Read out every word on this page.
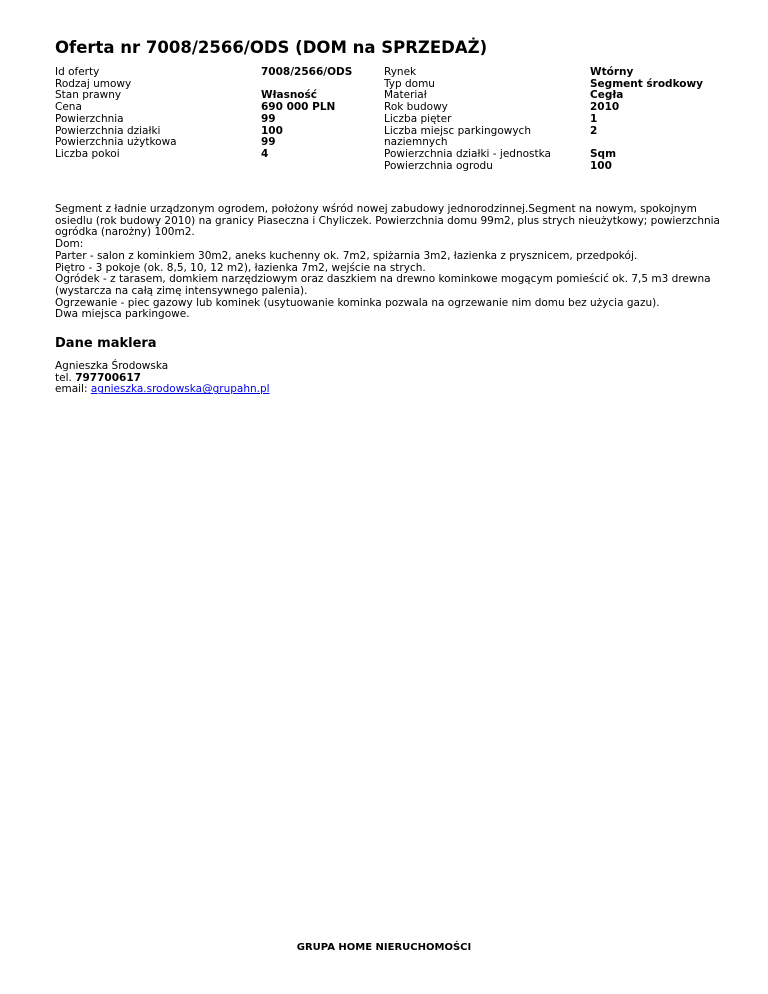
Oferta nr 7008/2566/ODS (DOM na SPRZEDAŻ)
Id oferty
Rodzaj umowy
Stan prawny
Cena
Powierzchnia
Powierzchnia działki
Powierzchnia użytkowa
Liczba pokoi
7008/2566/ODS
Własność
690 000 PLN
99
100
99
4
Rynek
Typ domu
Materiał
Rok budowy
Liczba pięter
Liczba miejsc parkingowych naziemnych
Powierzchnia działki - jednostka
Powierzchnia ogrodu
Wtórny
Segment środkowy
Cegła
2010
1
2
Sqm
100

Segment z ładnie urządzonym ogrodem, położony wśród nowej zabudowy jednorodzinnej.Segment na nowym, spokojnym osiedlu (rok budowy 2010) na granicy Piaseczna i Chyliczek. Powierzchnia domu 99m2, plus strych nieużytkowy; powierzchnia ogródka (narożny) 100m2.

Dom:

Parter - salon z kominkiem 30m2, aneks kuchenny ok. 7m2, spiżarnia 3m2, łazienka z prysznicem, przedpokój.

Piętro - 3 pokoje (ok. 8,5, 10, 12 m2), łazienka 7m2, wejście na strych.

Ogródek - z tarasem, domkiem narzędziowym oraz daszkiem na drewno kominkowe mogącym pomieścić ok. 7,5 m3 drewna (wystarcza na całą zimę intensywnego palenia).

Ogrzewanie - piec gazowy lub kominek (usytuowanie kominka pozwala na ogrzewanie nim domu bez użycia gazu).

Dwa miejsca parkingowe.

Dane maklera
Agnieszka Środowska
tel. 797700617
email: agnieszka.srodowska@grupahn.pl
GRUPA HOME NIERUCHOMOŚCI
